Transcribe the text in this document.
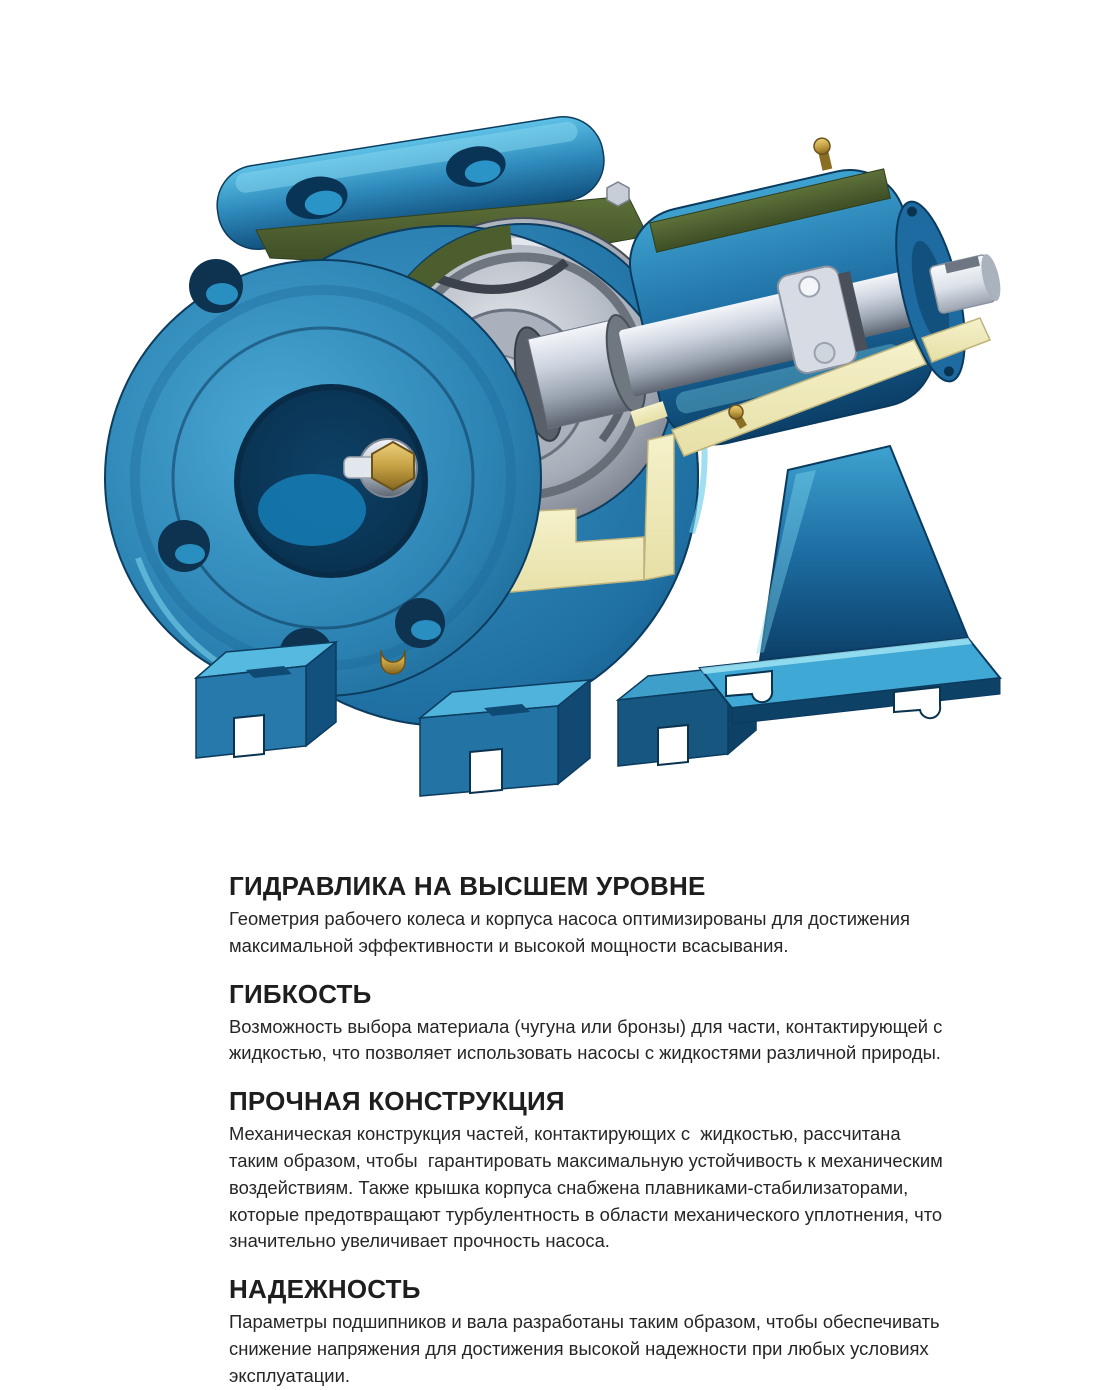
ГИДРАВЛИКА НА ВЫСШЕМ УРОВНЕ

Геометрия рабочего колеса и корпуса насоса оптимизированы для достижения максимальной эффективности и высокой мощности всасывания.

ГИБКОСТЬ

Возможность выбора материала (чугуна или бронзы) для части, контактирующей с жидкостью, что позволяет использовать насосы с жидкостями различной природы.

ПРОЧНАЯ КОНСТРУКЦИЯ

Механическая конструкция частей, контактирующих с  жидкостью, рассчитана таким образом, чтобы  гарантировать максимальную устойчивость к механическим воздействиям. Также крышка корпуса снабжена плавниками-стабилизаторами, которые предотвращают турбулентность в области механического уплотнения, что значительно увеличивает прочность насоса.

НАДЕЖНОСТЬ

Параметры подшипников и вала разработаны таким образом, чтобы обеспечивать снижение напряжения для достижения высокой надежности при любых условиях эксплуатации.
